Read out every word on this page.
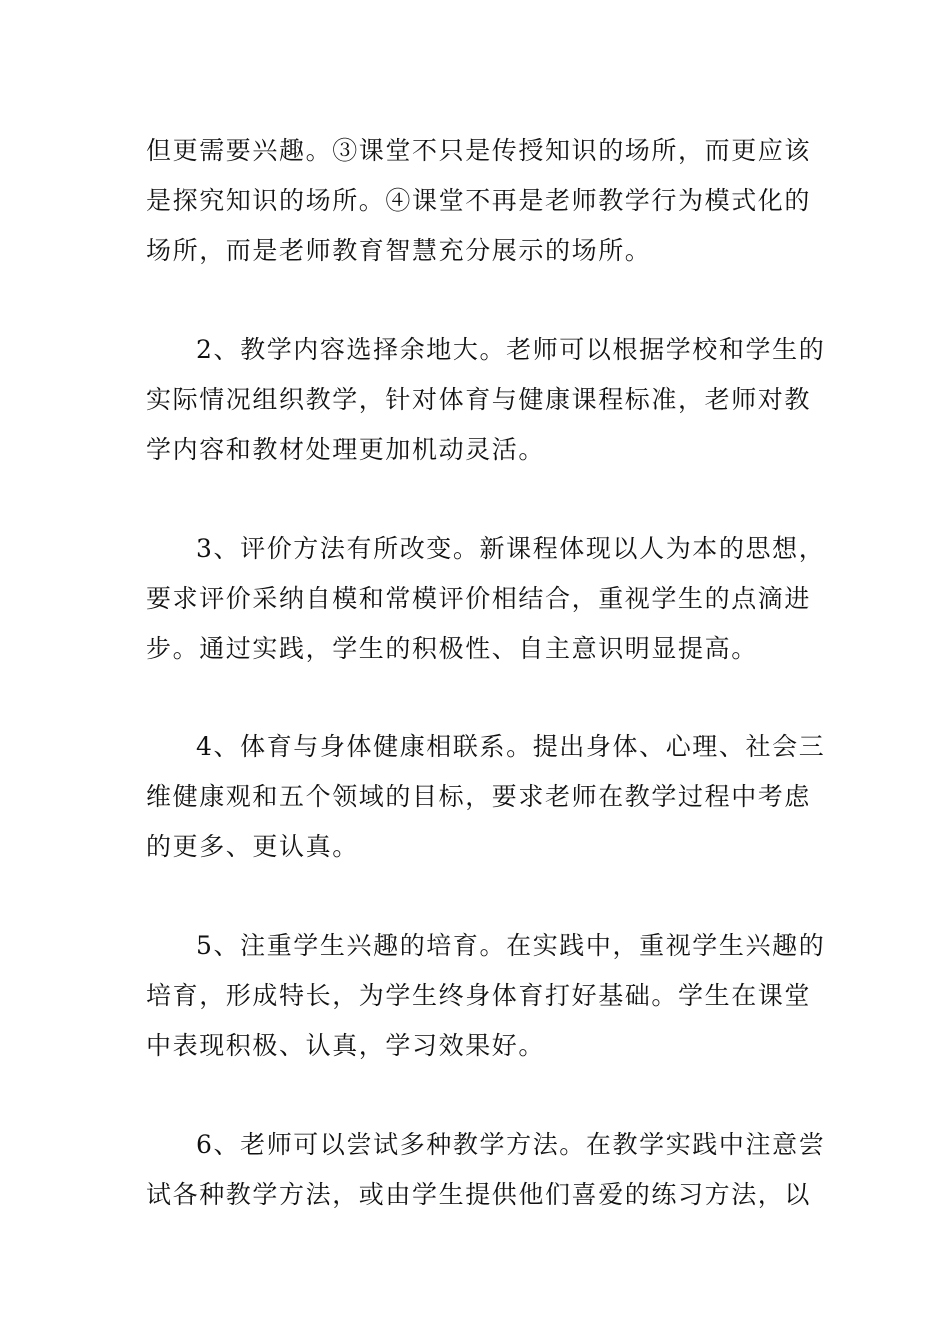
但更需要兴趣。③课堂不只是传授知识的场所，而更应该
是探究知识的场所。④课堂不再是老师教学行为模式化的
场所，而是老师教育智慧充分展示的场所。

2、教学内容选择余地大。老师可以根据学校和学生的
实际情况组织教学，针对体育与健康课程标准，老师对教
学内容和教材处理更加机动灵活。

3、评价方法有所改变。新课程体现以人为本的思想，
要求评价采纳自模和常模评价相结合，重视学生的点滴进
步。通过实践，学生的积极性、自主意识明显提高。

4、体育与身体健康相联系。提出身体、心理、社会三
维健康观和五个领域的目标，要求老师在教学过程中考虑
的更多、更认真。

5、注重学生兴趣的培育。在实践中，重视学生兴趣的
培育，形成特长，为学生终身体育打好基础。学生在课堂
中表现积极、认真，学习效果好。

6、老师可以尝试多种教学方法。在教学实践中注意尝
试各种教学方法，或由学生提供他们喜爱的练习方法，以
